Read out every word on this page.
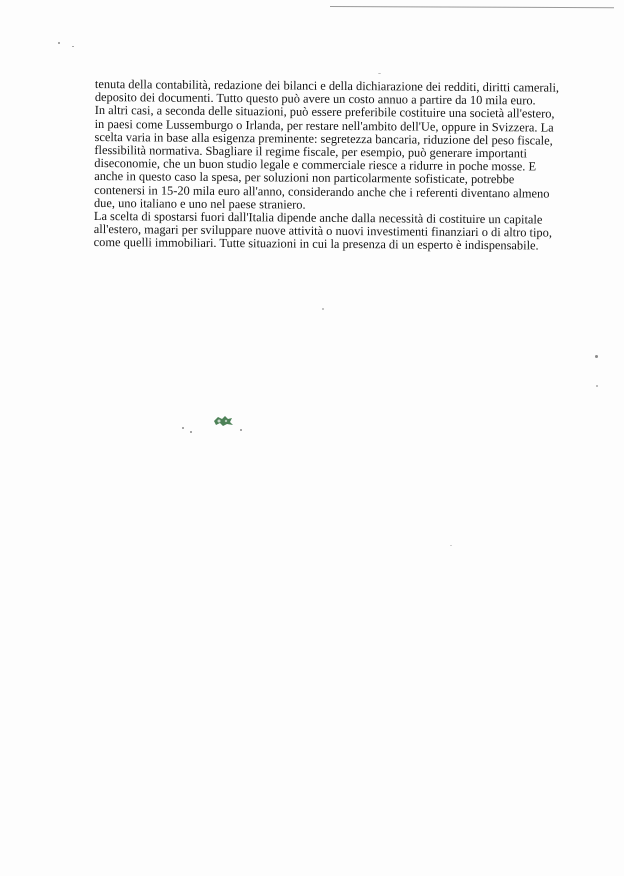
tenuta della contabilità, redazione dei bilanci e della dichiarazione dei redditi, diritti camerali,
deposito dei documenti. Tutto questo può avere un costo annuo a partire da 10 mila euro.
In altri casi, a seconda delle situazioni, può essere preferibile costituire una società all'estero,
in paesi come Lussemburgo o Irlanda, per restare nell'ambito dell'Ue, oppure in Svizzera. La
scelta varia in base alla esigenza preminente: segretezza bancaria, riduzione del peso fiscale,
flessibilità normativa. Sbagliare il regime fiscale, per esempio, può generare importanti
diseconomie, che un buon studio legale e commerciale riesce a ridurre in poche mosse. E
anche in questo caso la spesa, per soluzioni non particolarmente sofisticate, potrebbe
contenersi in 15-20 mila euro all'anno, considerando anche che i referenti diventano almeno
due, uno italiano e uno nel paese straniero.
La scelta di spostarsi fuori dall'Italia dipende anche dalla necessità di costituire un capitale
all'estero, magari per sviluppare nuove attività o nuovi investimenti finanziari o di altro tipo,
come quelli immobiliari. Tutte situazioni in cui la presenza di un esperto è indispensabile.
